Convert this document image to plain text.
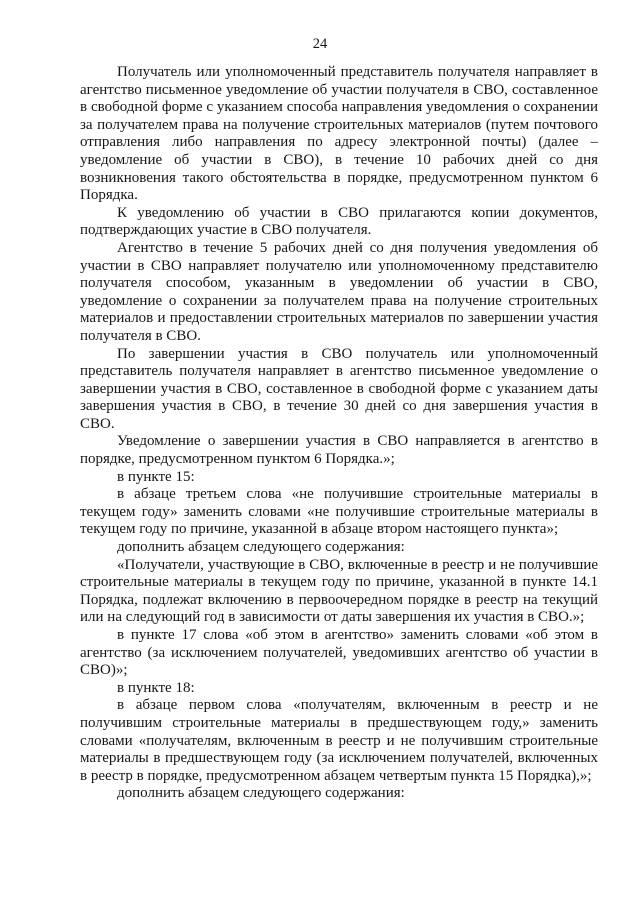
24

Получатель или уполномоченный представитель получателя направляет в агентство письменное уведомление об участии получателя в СВО, составленное в свободной форме с указанием способа направления уведомления о сохранении за получателем права на получение строительных материалов (путем почтового отправления либо направления по адресу электронной почты) (далее – уведомление об участии в СВО), в течение 10 рабочих дней со дня возникновения такого обстоятельства в порядке, предусмотренном пунктом 6 Порядка.

К уведомлению об участии в СВО прилагаются копии документов, подтверждающих участие в СВО получателя.

Агентство в течение 5 рабочих дней со дня получения уведомления об участии в СВО направляет получателю или уполномоченному представителю получателя способом, указанным в уведомлении об участии в СВО, уведомление о сохранении за получателем права на получение строительных материалов и предоставлении строительных материалов по завершении участия получателя в СВО.

По завершении участия в СВО получатель или уполномоченный представитель получателя направляет в агентство письменное уведомление о завершении участия в СВО, составленное в свободной форме с указанием даты завершения участия в СВО, в течение 30 дней со дня завершения участия в СВО.

Уведомление о завершении участия в СВО направляется в агентство в порядке, предусмотренном пунктом 6 Порядка.»;

в пункте 15:

в абзаце третьем слова «не получившие строительные материалы в текущем году» заменить словами «не получившие строительные материалы в текущем году по причине, указанной в абзаце втором настоящего пункта»;

дополнить абзацем следующего содержания:

«Получатели, участвующие в СВО, включенные в реестр и не получившие строительные материалы в текущем году по причине, указанной в пункте 14.1 Порядка, подлежат включению в первоочередном порядке в реестр на текущий или на следующий год в зависимости от даты завершения их участия в СВО.»;

в пункте 17 слова «об этом в агентство» заменить словами «об этом в агентство (за исключением получателей, уведомивших агентство об участии в СВО)»;

в пункте 18:

в абзаце первом слова «получателям, включенным в реестр и не получившим строительные материалы в предшествующем году,» заменить словами «получателям, включенным в реестр и не получившим строительные материалы в предшествующем году (за исключением получателей, включенных в реестр в порядке, предусмотренном абзацем четвертым пункта 15 Порядка),»;

дополнить абзацем следующего содержания:
